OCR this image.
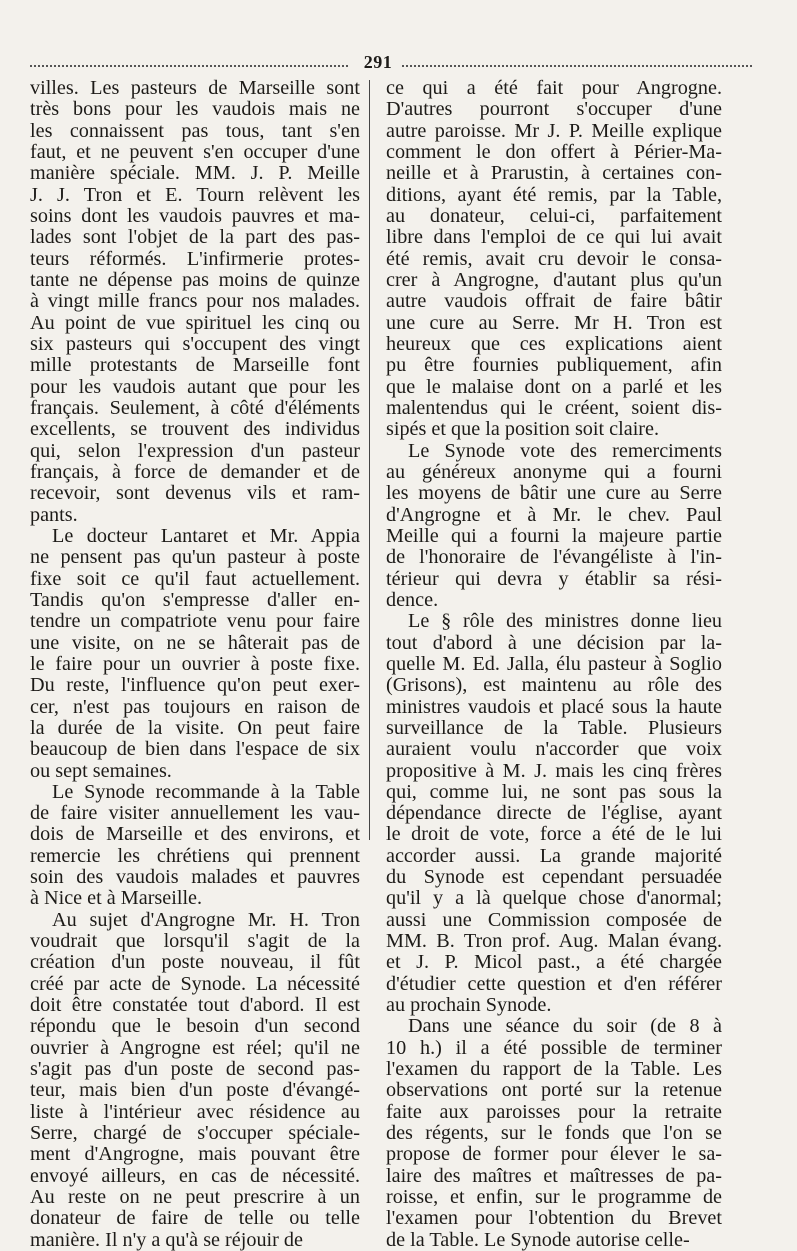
291

villes. Les pasteurs de Marseille sont
très bons pour les vaudois mais ne
les connaissent pas tous, tant s'en
faut, et ne peuvent s'en occuper d'une
manière spéciale. MM. J. P. Meille
J. J. Tron et E. Tourn relèvent les
soins dont les vaudois pauvres et ma-
lades sont l'objet de la part des pas-
teurs réformés. L'infirmerie protes-
tante ne dépense pas moins de quinze
à vingt mille francs pour nos malades.
Au point de vue spirituel les cinq ou
six pasteurs qui s'occupent des vingt
mille protestants de Marseille font
pour les vaudois autant que pour les
français. Seulement, à côté d'éléments
excellents, se trouvent des individus
qui, selon l'expression d'un pasteur
français, à force de demander et de
recevoir, sont devenus vils et ram-
pants.

Le docteur Lantaret et Mr. Appia
ne pensent pas qu'un pasteur à poste
fixe soit ce qu'il faut actuellement.
Tandis qu'on s'empresse d'aller en-
tendre un compatriote venu pour faire
une visite, on ne se hâterait pas de
le faire pour un ouvrier à poste fixe.
Du reste, l'influence qu'on peut exer-
cer, n'est pas toujours en raison de
la durée de la visite. On peut faire
beaucoup de bien dans l'espace de six
ou sept semaines.

Le Synode recommande à la Table
de faire visiter annuellement les vau-
dois de Marseille et des environs, et
remercie les chrétiens qui prennent
soin des vaudois malades et pauvres
à Nice et à Marseille.

Au sujet d'Angrogne Mr. H. Tron
voudrait que lorsqu'il s'agit de la
création d'un poste nouveau, il fût
créé par acte de Synode. La nécessité
doit être constatée tout d'abord. Il est
répondu que le besoin d'un second
ouvrier à Angrogne est réel; qu'il ne
s'agit pas d'un poste de second pas-
teur, mais bien d'un poste d'évangé-
liste à l'intérieur avec résidence au
Serre, chargé de s'occuper spéciale-
ment d'Angrogne, mais pouvant être
envoyé ailleurs, en cas de nécessité.
Au reste on ne peut prescrire à un
donateur de faire de telle ou telle
manière. Il n'y a qu'à se réjouir de

ce qui a été fait pour Angrogne.
D'autres pourront s'occuper d'une
autre paroisse. Mr J. P. Meille explique
comment le don offert à Périer-Ma-
neille et à Prarustin, à certaines con-
ditions, ayant été remis, par la Table,
au donateur, celui-ci, parfaitement
libre dans l'emploi de ce qui lui avait
été remis, avait cru devoir le consa-
crer à Angrogne, d'autant plus qu'un
autre vaudois offrait de faire bâtir
une cure au Serre. Mr H. Tron est
heureux que ces explications aient
pu être fournies publiquement, afin
que le malaise dont on a parlé et les
malentendus qui le créent, soient dis-
sipés et que la position soit claire.

Le Synode vote des remerciments
au généreux anonyme qui a fourni
les moyens de bâtir une cure au Serre
d'Angrogne et à Mr. le chev. Paul
Meille qui a fourni la majeure partie
de l'honoraire de l'évangéliste à l'in-
térieur qui devra y établir sa rési-
dence.

Le § rôle des ministres donne lieu
tout d'abord à une décision par la-
quelle M. Ed. Jalla, élu pasteur à Soglio
(Grisons), est maintenu au rôle des
ministres vaudois et placé sous la haute
surveillance de la Table. Plusieurs
auraient voulu n'accorder que voix
propositive à M. J. mais les cinq frères
qui, comme lui, ne sont pas sous la
dépendance directe de l'église, ayant
le droit de vote, force a été de le lui
accorder aussi. La grande majorité
du Synode est cependant persuadée
qu'il y a là quelque chose d'anormal;
aussi une Commission composée de
MM. B. Tron prof. Aug. Malan évang.
et J. P. Micol past., a été chargée
d'étudier cette question et d'en référer
au prochain Synode.

Dans une séance du soir (de 8 à
10 h.) il a été possible de terminer
l'examen du rapport de la Table. Les
observations ont porté sur la retenue
faite aux paroisses pour la retraite
des régents, sur le fonds que l'on se
propose de former pour élever le sa-
laire des maîtres et maîtresses de pa-
roisse, et enfin, sur le programme de
l'examen pour l'obtention du Brevet
de la Table. Le Synode autorise celle-
